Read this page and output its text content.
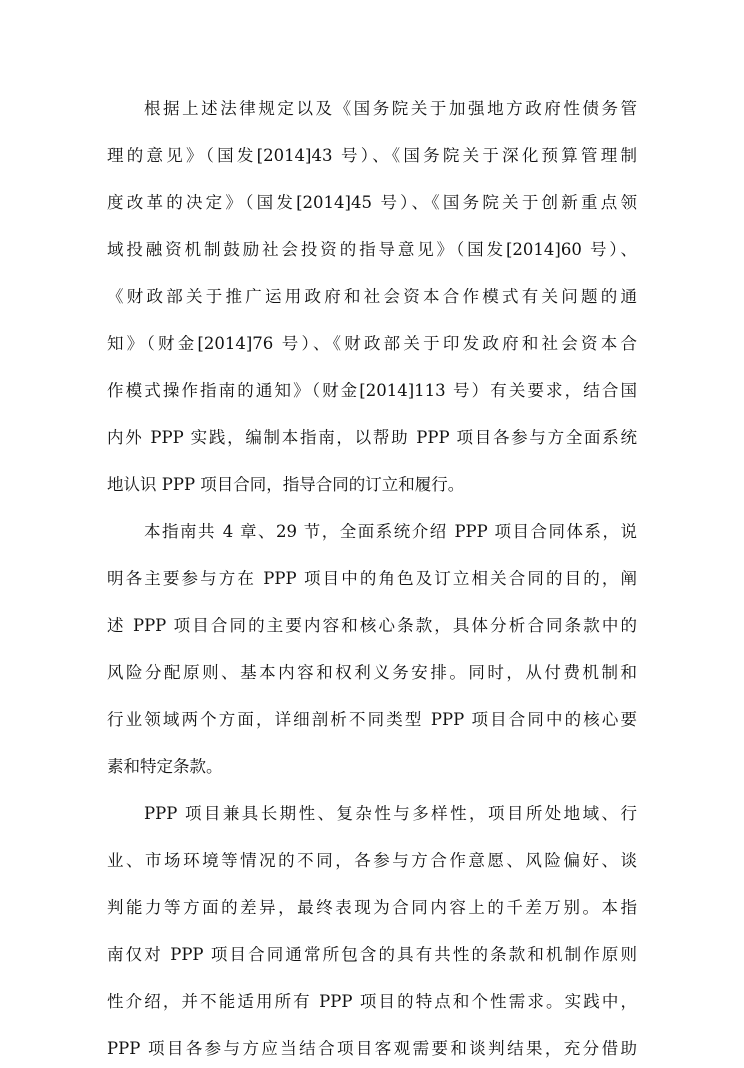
根据上述法律规定以及《国务院关于加强地方政府性债务管
理的意见》（国发[2014]43 号）、《国务院关于深化预算管理制
度改革的决定》（国发[2014]45 号）、《国务院关于创新重点领
域投融资机制鼓励社会投资的指导意见》（国发[2014]60 号）、
《财政部关于推广运用政府和社会资本合作模式有关问题的通
知》（财金[2014]76 号）、《财政部关于印发政府和社会资本合
作模式操作指南的通知》（财金[2014]113 号）有关要求，结合国
内外 PPP 实践，编制本指南，以帮助 PPP 项目各参与方全面系统
地认识 PPP 项目合同，指导合同的订立和履行。
本指南共 4 章、29 节，全面系统介绍 PPP 项目合同体系，说
明各主要参与方在 PPP 项目中的角色及订立相关合同的目的，阐
述 PPP 项目合同的主要内容和核心条款，具体分析合同条款中的
风险分配原则、基本内容和权利义务安排。同时，从付费机制和
行业领域两个方面，详细剖析不同类型 PPP 项目合同中的核心要
素和特定条款。
PPP 项目兼具长期性、复杂性与多样性，项目所处地域、行
业、市场环境等情况的不同，各参与方合作意愿、风险偏好、谈
判能力等方面的差异，最终表现为合同内容上的千差万别。本指
南仅对 PPP 项目合同通常所包含的具有共性的条款和机制作原则
性介绍，并不能适用所有 PPP 项目的特点和个性需求。实践中，
PPP 项目各参与方应当结合项目客观需要和谈判结果，充分借助
